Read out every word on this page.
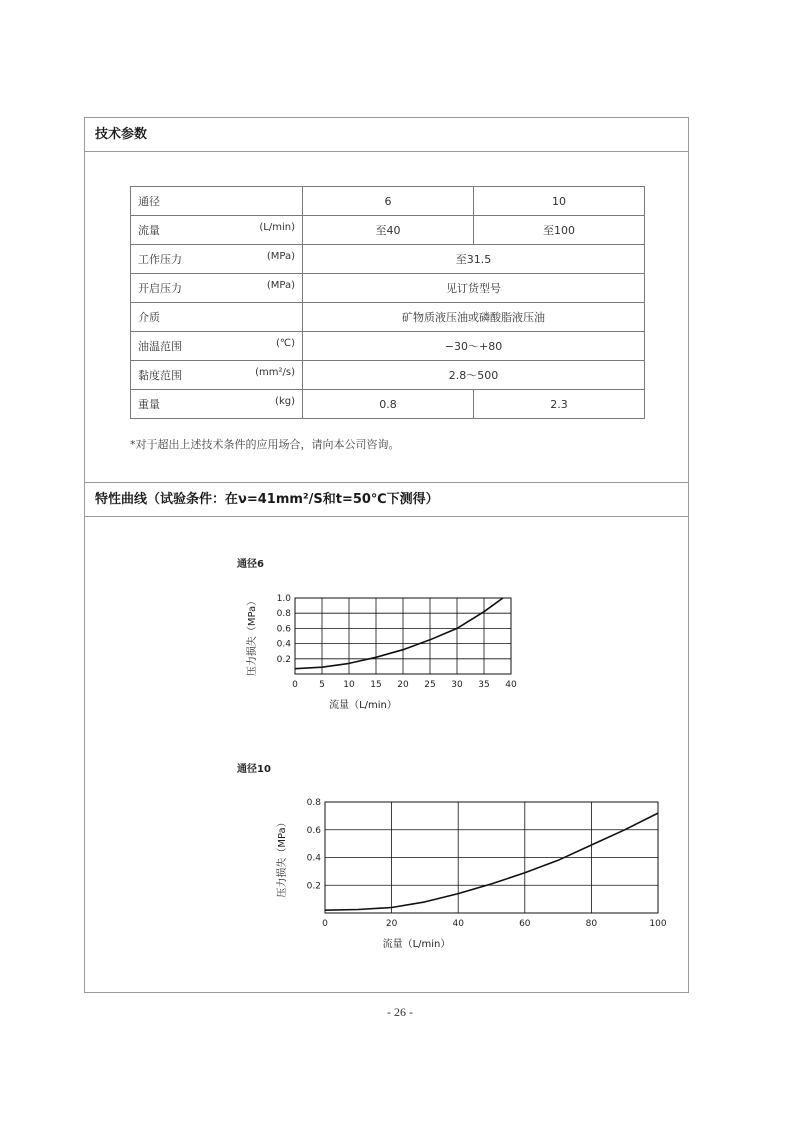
技术参数
通径	6	10

流量 (L/min)	至40	至100

工作压力 (MPa)	至31.5	

开启压力 (MPa)	见订货型号	

介质	矿物质液压油或磷酸脂液压油	

油温范围 (℃)	−30～+80	

黏度范围 (mm²/s)	2.8～500	

重量 (kg)	0.8	2.3
*对于超出上述技术条件的应用场合，请向本公司咨询。
特性曲线（试验条件：在ν=41mm²/S和t=50℃下测得）
通径6
0.2
0.4
0.6
0.8
1.0
0 5 10 15 20 25 30 35 40
流量（L/min）
压力损失（MPa）
通径10
0.2
0.4
0.6
0.8
0	20	40	60	80	100
流量（L/min）
压力损失（MPa）
- 26 -
